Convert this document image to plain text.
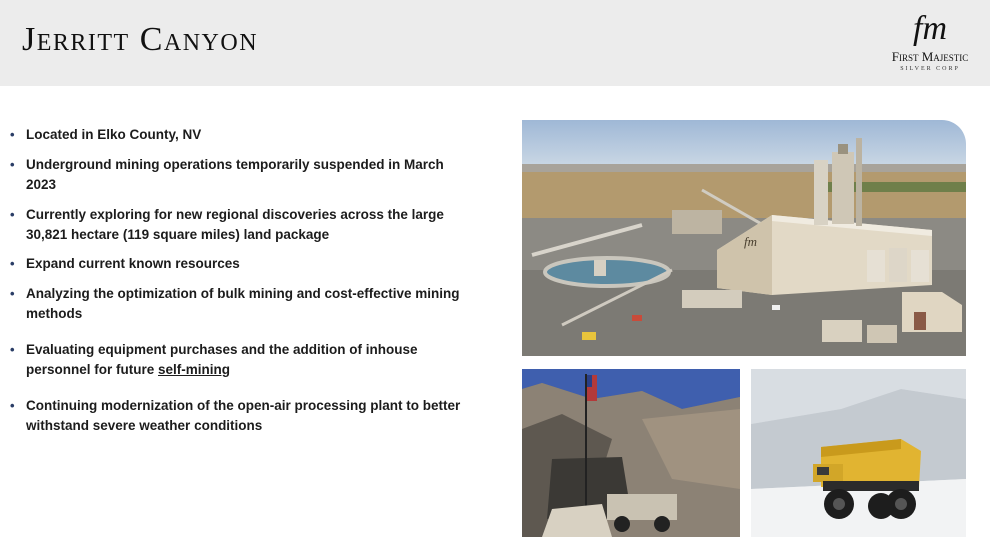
Jerritt Canyon	fm
First Majestic
SILVER CORP
• Located in Elko County, NV
• Underground mining operations temporarily suspended in March 2023
• Currently exploring for new regional discoveries across the large 30,821 hectare (119 square miles) land package
• Expand current known resources
• Analyzing the optimization of bulk mining and cost-effective mining methods
• Evaluating equipment purchases and the addition of inhouse personnel for future self-mining
• Continuing modernization of the open-air processing plant to better withstand severe weather conditions
fm
